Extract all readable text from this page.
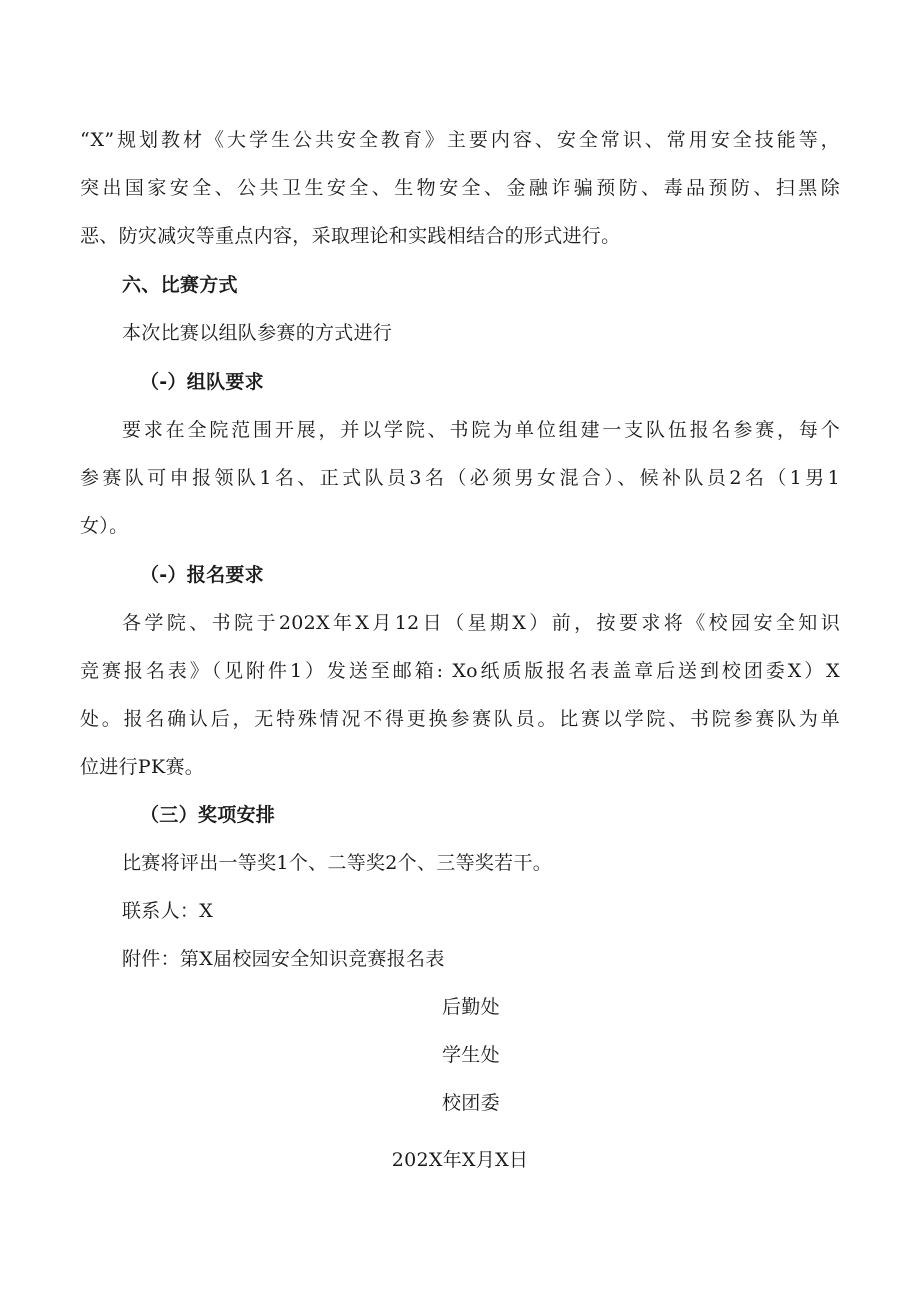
“X”规划教材《大学生公共安全教育》主要内容、安全常识、常用安全技能等，

突出国家安全、公共卫生安全、生物安全、金融诈骗预防、毒品预防、扫黑除

恶、防灾减灾等重点内容，采取理论和实践相结合的形式进行。

六、比赛方式

本次比赛以组队参赛的方式进行

（-）组队要求

要求在全院范围开展，并以学院、书院为单位组建一支队伍报名参赛，每个

参赛队可申报领队1名、正式队员3名（必须男女混合）、候补队员2名（1男1

女）。

（-）报名要求

各学院、书院于202X年X月12日（星期X）前，按要求将《校园安全知识

竞赛报名表》（见附件1）发送至邮箱: Xo纸质版报名表盖章后送到校团委X）X

处。报名确认后，无特殊情况不得更换参赛队员。比赛以学院、书院参赛队为单

位进行PK赛。

（三）奖项安排

比赛将评出一等奖1个、二等奖2个、三等奖若干。

联系人：X

附件：第X届校园安全知识竞赛报名表

后勤处

学生处

校团委

202X年X月X日
